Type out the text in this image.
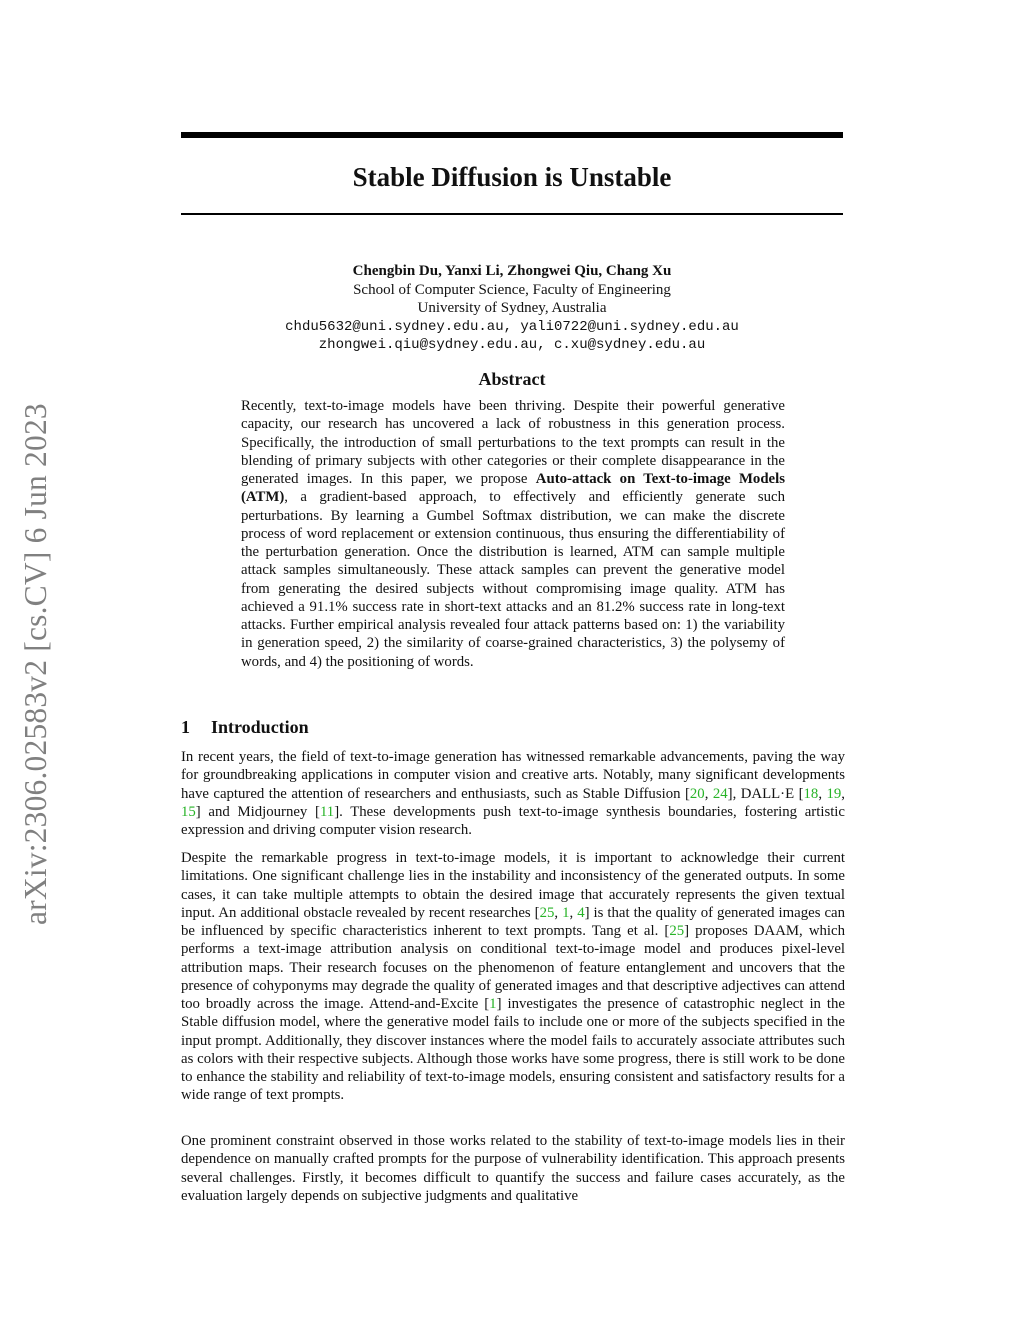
arXiv:2306.02583v2 [cs.CV] 6 Jun 2023
Stable Diffusion is Unstable
Chengbin Du, Yanxi Li, Zhongwei Qiu, Chang Xu
School of Computer Science, Faculty of Engineering
University of Sydney, Australia
chdu5632@uni.sydney.edu.au, yali0722@uni.sydney.edu.au
zhongwei.qiu@sydney.edu.au, c.xu@sydney.edu.au
Abstract

Recently, text-to-image models have been thriving. Despite their powerful generative capacity, our research has uncovered a lack of robustness in this generation process. Specifically, the introduction of small perturbations to the text prompts can result in the blending of primary subjects with other categories or their complete disappearance in the generated images. In this paper, we propose Auto-attack on Text-to-image Models (ATM), a gradient-based approach, to effectively and efficiently generate such perturbations. By learning a Gumbel Softmax distribution, we can make the discrete process of word replacement or extension continuous, thus ensuring the differentiability of the perturbation generation. Once the distribution is learned, ATM can sample multiple attack samples simultaneously. These attack samples can prevent the generative model from generating the desired subjects without compromising image quality. ATM has achieved a 91.1% success rate in short-text attacks and an 81.2% success rate in long-text attacks. Further empirical analysis revealed four attack patterns based on: 1) the variability in generation speed, 2) the similarity of coarse-grained characteristics, 3) the polysemy of words, and 4) the positioning of words.

1 Introduction

In recent years, the field of text-to-image generation has witnessed remarkable advancements, paving the way for groundbreaking applications in computer vision and creative arts. Notably, many significant developments have captured the attention of researchers and enthusiasts, such as Stable Diffusion [20, 24], DALL·E [18, 19, 15] and Midjourney [11]. These developments push text-to-image synthesis boundaries, fostering artistic expression and driving computer vision research.

Despite the remarkable progress in text-to-image models, it is important to acknowledge their current limitations. One significant challenge lies in the instability and inconsistency of the generated outputs. In some cases, it can take multiple attempts to obtain the desired image that accurately represents the given textual input. An additional obstacle revealed by recent researches [25, 1, 4] is that the quality of generated images can be influenced by specific characteristics inherent to text prompts. Tang et al. [25] proposes DAAM, which performs a text-image attribution analysis on conditional text-to-image model and produces pixel-level attribution maps. Their research focuses on the phenomenon of feature entanglement and uncovers that the presence of cohyponyms may degrade the quality of generated images and that descriptive adjectives can attend too broadly across the image. Attend-and-Excite [1] investigates the presence of catastrophic neglect in the Stable diffusion model, where the generative model fails to include one or more of the subjects specified in the input prompt. Additionally, they discover instances where the model fails to accurately associate attributes such as colors with their respective subjects. Although those works have some progress, there is still work to be done to enhance the stability and reliability of text-to-image models, ensuring consistent and satisfactory results for a wide range of text prompts.

One prominent constraint observed in those works related to the stability of text-to-image models lies in their dependence on manually crafted prompts for the purpose of vulnerability identification. This approach presents several challenges. Firstly, it becomes difficult to quantify the success and failure cases accurately, as the evaluation largely depends on subjective judgments and qualitative
